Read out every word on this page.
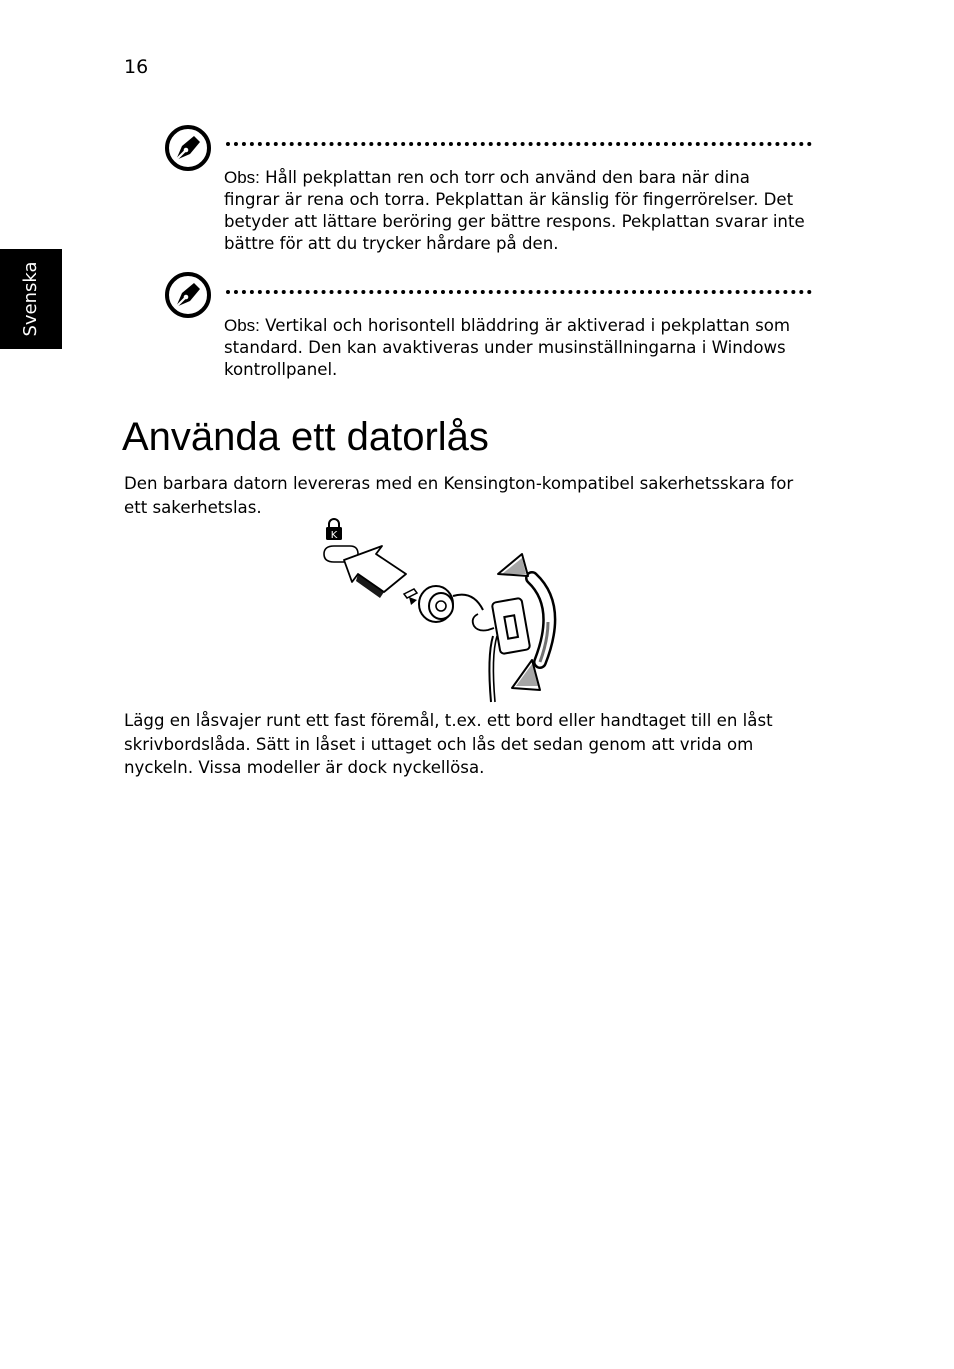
16
Svenska
Obs: Håll pekplattan ren och torr och använd den bara när dina fingrar är rena och torra. Pekplattan är känslig för fingerrörelser. Det betyder att lättare beröring ger bättre respons. Pekplattan svarar inte bättre för att du trycker hårdare på den.
Obs: Vertikal och horisontell bläddring är aktiverad i pekplattan som standard. Den kan avaktiveras under musinställningarna i Windows kontrollpanel.
Använda ett datorlås

Den barbara datorn levereras med en Kensington-kompatibel sakerhetsskara for ett sakerhetslas.

K

Lägg en låsvajer runt ett fast föremål, t.ex. ett bord eller handtaget till en låst skrivbordslåda. Sätt in låset i uttaget och lås det sedan genom att vrida om nyckeln. Vissa modeller är dock nyckellösa.
